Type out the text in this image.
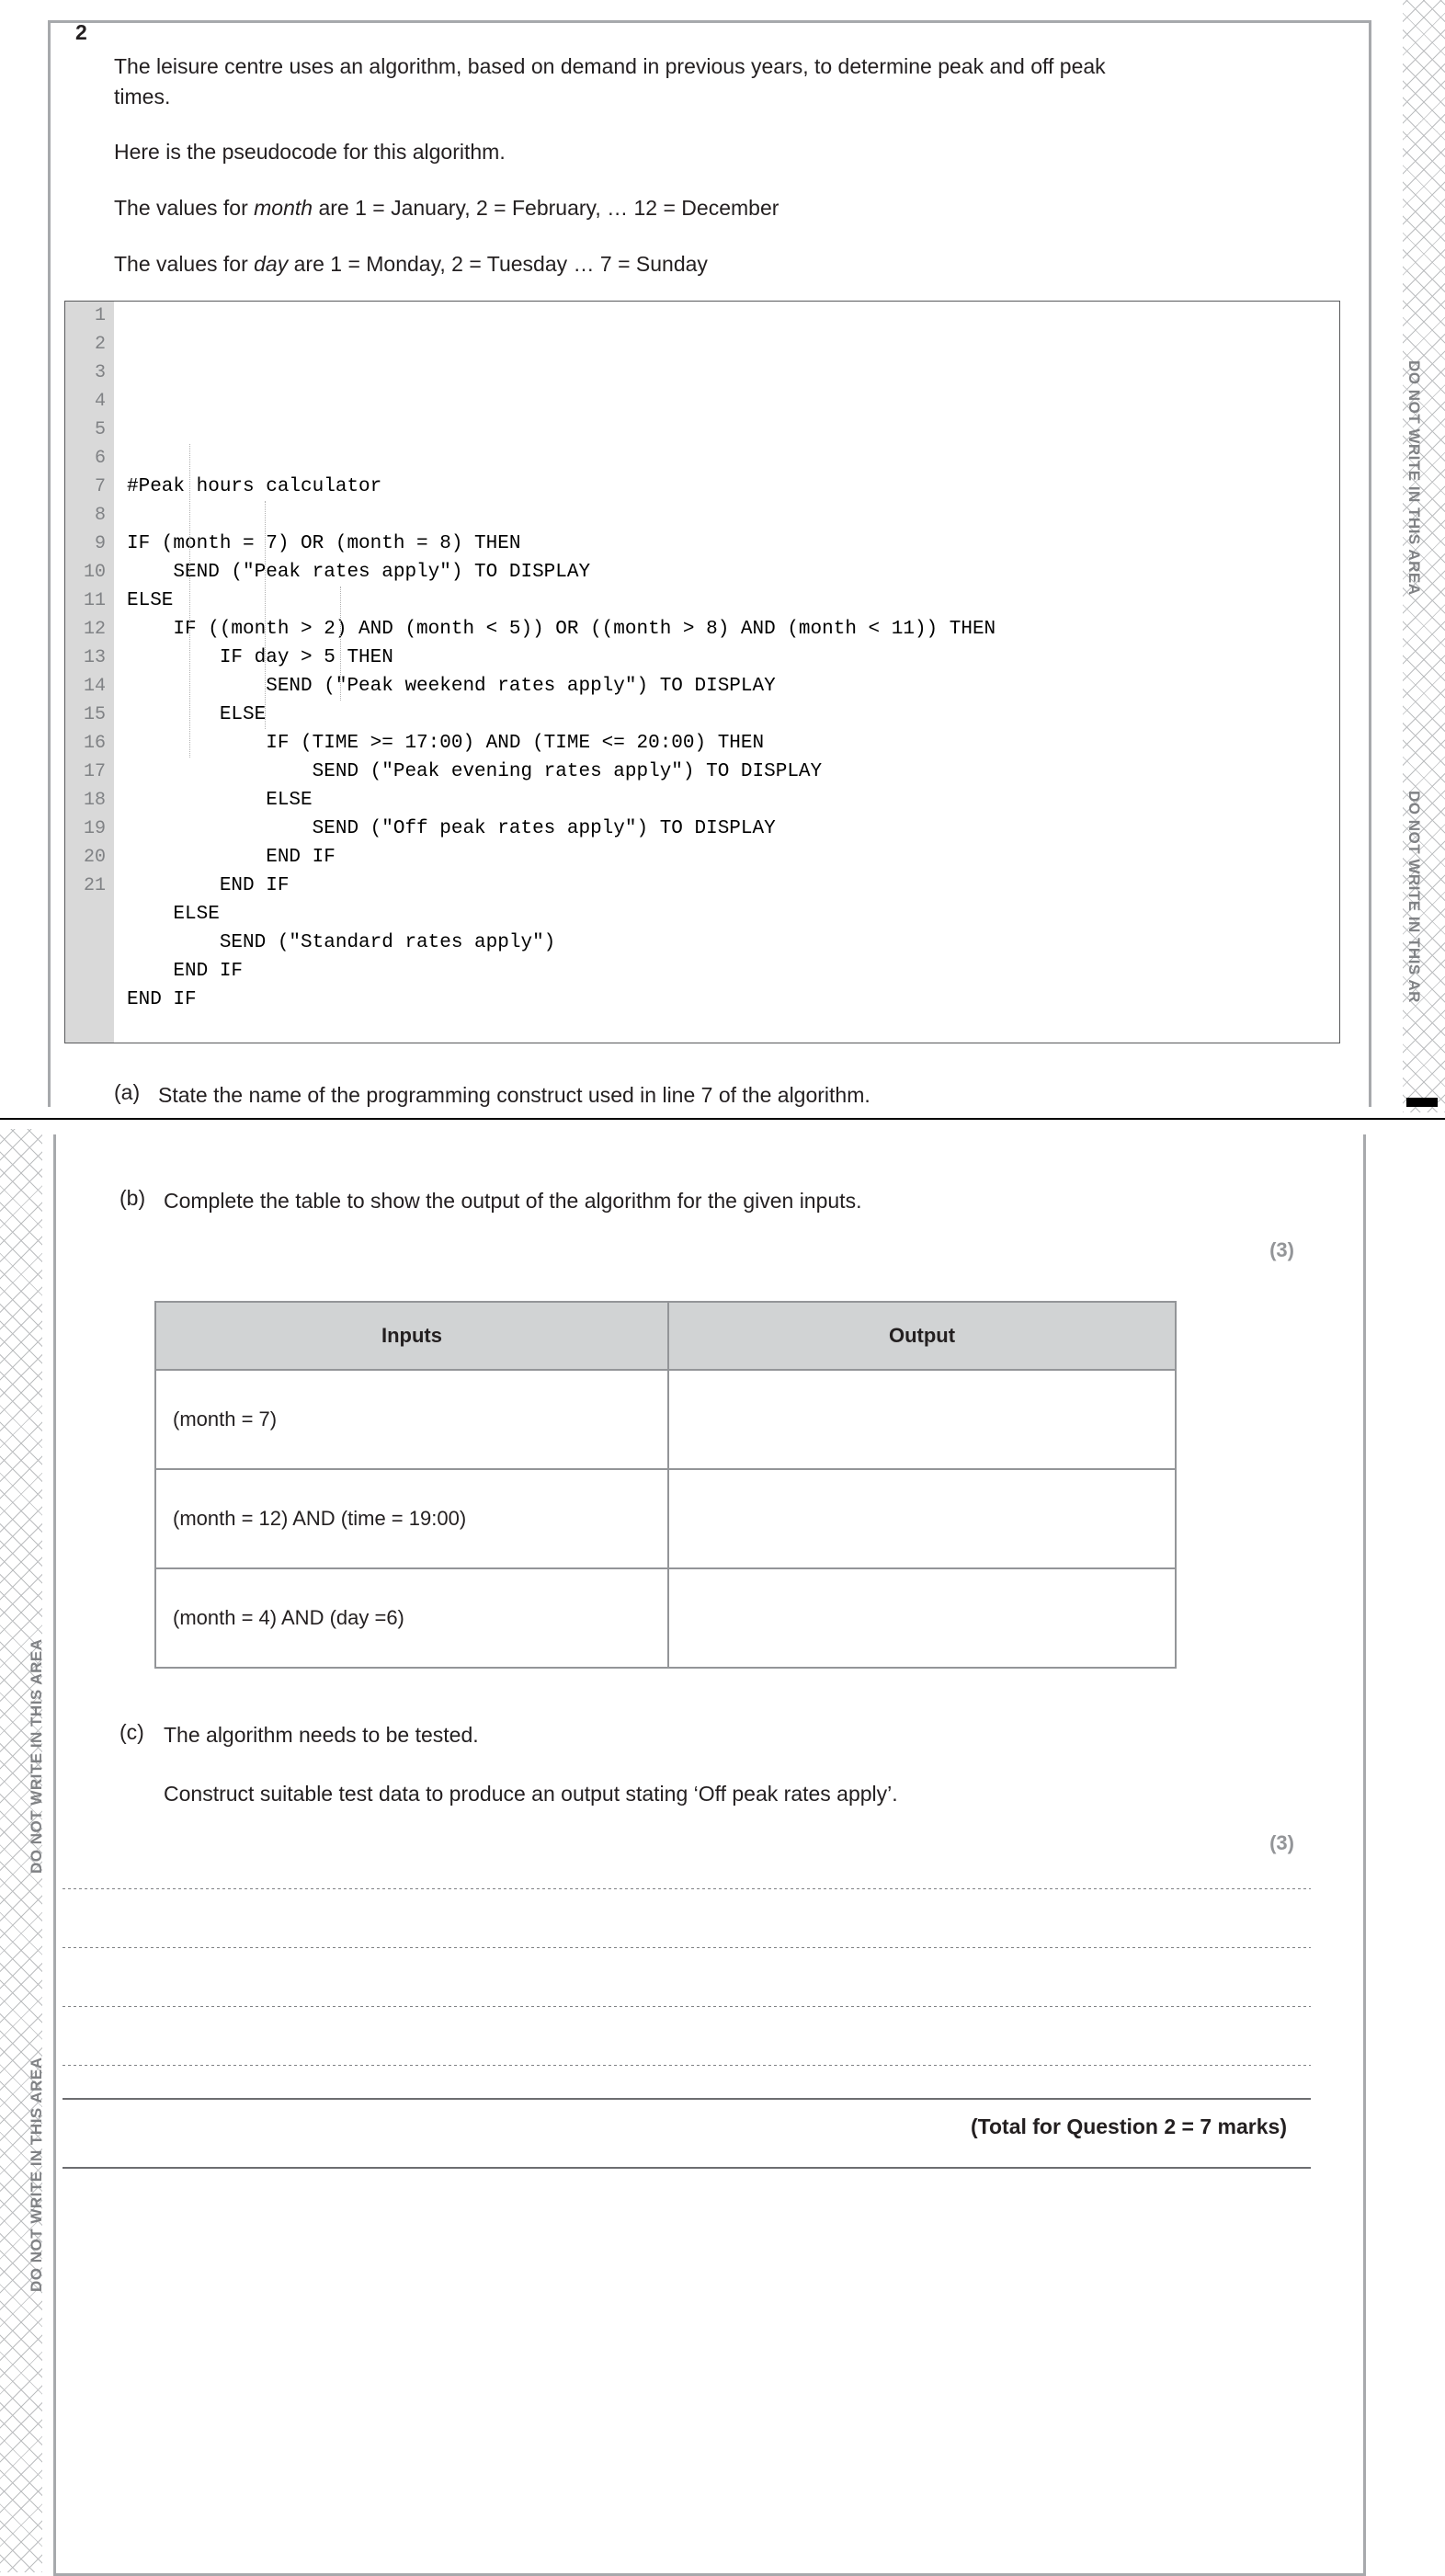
DO NOT WRITE IN THIS AREA
DO NOT WRITE IN THIS AR
2

The leisure centre uses an algorithm, based on demand in previous years, to determine peak and off peak times.

Here is the pseudocode for this algorithm.

The values for month are 1 = January, 2 = February, … 12 = December

The values for day are 1 = Monday, 2 = Tuesday … 7 = Sunday

1
2
3
4
5
6
7
8
9
10
11
12
13
14
15
16
17
18
19
20
21

#Peak hours calculator

IF (month = 7) OR (month = 8) THEN
SEND ("Peak rates apply") TO DISPLAY
ELSE
IF ((month > 2) AND (month < 5)) OR ((month > 8) AND (month < 11)) THEN
IF day > 5 THEN
SEND ("Peak weekend rates apply") TO DISPLAY
ELSE
IF (TIME >= 17:00) AND (TIME <= 20:00) THEN
SEND ("Peak evening rates apply") TO DISPLAY
ELSE
SEND ("Off peak rates apply") TO DISPLAY
END IF
END IF
ELSE
SEND ("Standard rates apply")
END IF
END IF

(a) State the name of the programming construct used in line 7 of the algorithm.
DO NOT WRITE IN THIS AREA
DO NOT WRITE IN THIS AREA
(b) Complete the table to show the output of the algorithm for the given inputs.
(3)
Inputs	Output
(month = 7)	
(month = 12) AND (time = 19:00)	
(month = 4) AND (day =6)	
(c) The algorithm needs to be tested.
Construct suitable test data to produce an output stating ‘Off peak rates apply’.
(3)
(Total for Question 2 = 7 marks)
